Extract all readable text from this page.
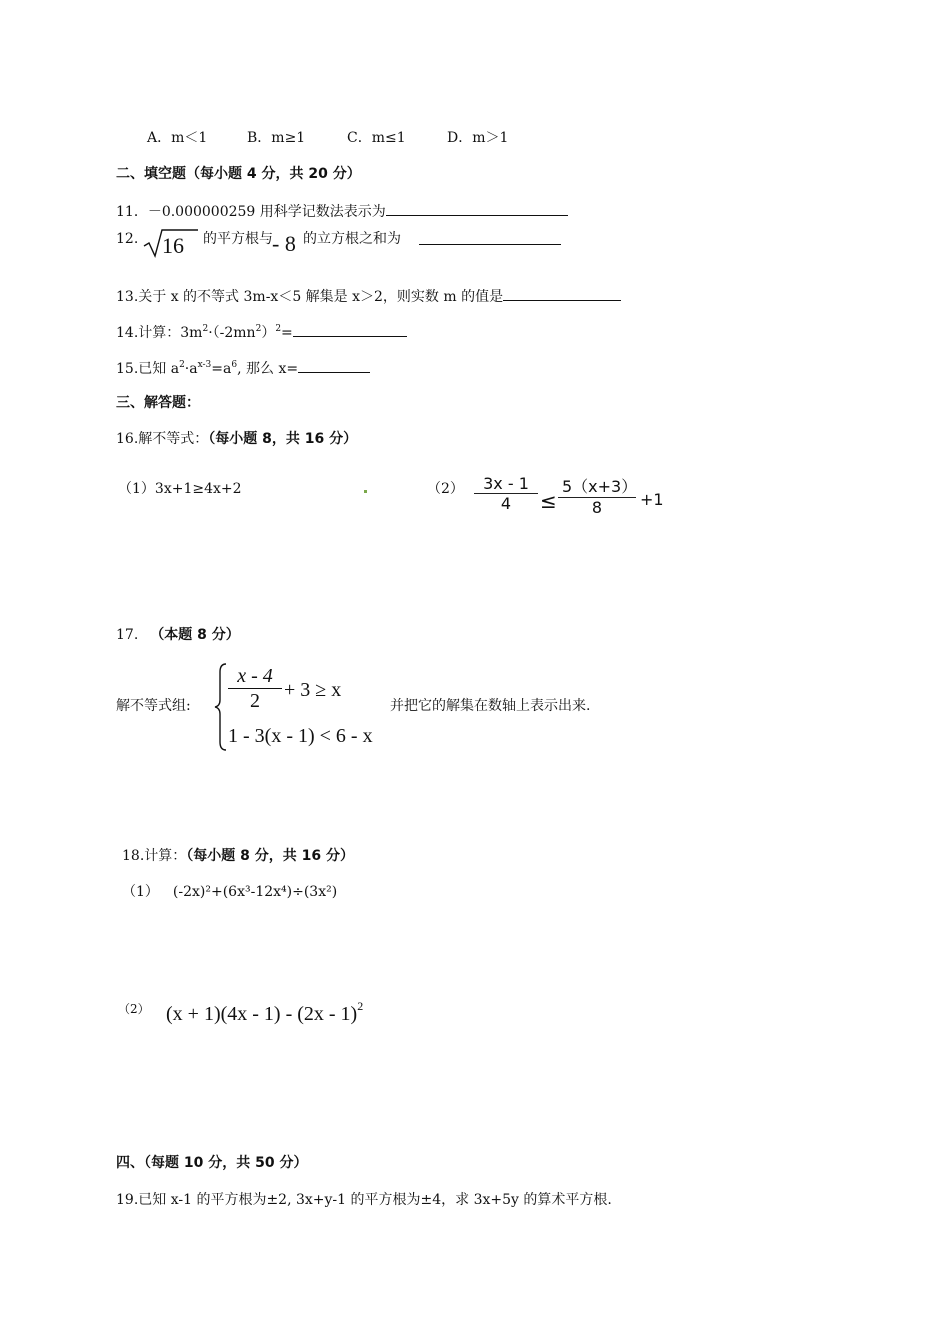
A．m＜1	B．m≥1	C．m≤1	D．m＞1
二、填空题（每小题 4 分，共 20 分）
11．－0.000000259 用科学记数法表示为
12. 16 的平方根与 - 8 的立方根之和为
13.关于 x 的不等式 3m-x＜5 解集是 x＞2，则实数 m 的值是
14.计算：$3m^2\cdot(-2mn^2)^2=$
15.已知 $a^2\cdot a^{x-3}=a^6$, 那么 x=
三、解答题：
16.解不等式：（每小题 8，共 16 分）
（1）3x+1≥4x+2	$(2) \frac{3x - 1}{4} \le \frac{5(x+3)}{8} +1$
17. （本题 8 分）
解不等式组: $\frac{x - 4}{2} + 3 \ge x$
1 - 3(x - 1) < 6 - x
并把它的解集在数轴上表示出来.
18.计算：（每小题 8 分，共 16 分）
（1） (-2x)²+(6x³-12x⁴)÷(3x²)
（2） (x + 1)(4x - 1) - (2x - 1)$^2$
四、（每题 10 分，共 50 分）
19.已知 x-1 的平方根为±2, 3x+y-1 的平方根为±4，求 3x+5y 的算术平方根.
